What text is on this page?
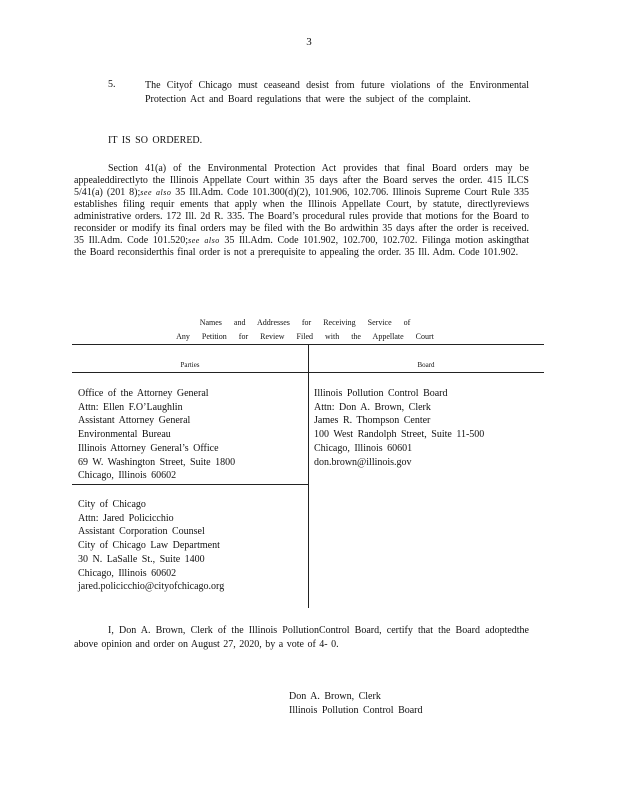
3
5.	The Cityof Chicago must ceaseand desist from future violations of the Environmental Protection Act and Board regulations that were the subject of the complaint.
IT IS SO ORDERED.
Section 41(a) of the Environmental Protection Act provides that final Board orders may be appealeddirectlyto the Illinois Appellate Court within 35 days after the Board serves the order. 415 ILCS 5/41(a) (201 8);see also 35 Ill.Adm. Code 101.300(d)(2), 101.906, 102.706. Illinois Supreme Court Rule 335 establishes filing requir ements that apply when the Illinois Appellate Court, by statute, directlyreviews administrative orders. 172 Ill. 2d R. 335. The Board’s procedural rules provide that motions for the Board to reconsider or modify its final orders may be filed with the Bo ardwithin 35 days after the order is received. 35 Ill.Adm. Code 101.520;see also 35 Ill.Adm. Code 101.902, 102.700, 102.702. Filinga motion askingthat the Board reconsiderthis final order is not a prerequisite to appealing the order. 35 Ill. Adm. Code 101.902.
Names and Addresses for Receiving Service of
Any Petition for Review Filed with the Appellate Court
Parties	Board
Office of the Attorney General
Attn: Ellen F.O’Laughlin
Assistant Attorney General
Environmental Bureau
Illinois Attorney General’s Office
69 W. Washington Street, Suite 1800
Chicago, Illinois 60602
City of Chicago
Attn: Jared Policicchio
Assistant Corporation Counsel
City of Chicago Law Department
30 N. LaSalle St., Suite 1400
Chicago, Illinois 60602
jared.policicchio@cityofchicago.org
Illinois Pollution Control Board
Attn: Don A. Brown, Clerk
James R. Thompson Center
100 West Randolph Street, Suite 11-500
Chicago, Illinois 60601
don.brown@illinois.gov
I, Don A. Brown, Clerk of the Illinois PollutionControl Board, certify that the Board adoptedthe above opinion and order on August 27, 2020, by a vote of 4- 0.
Don A. Brown, Clerk
Illinois Pollution Control Board
